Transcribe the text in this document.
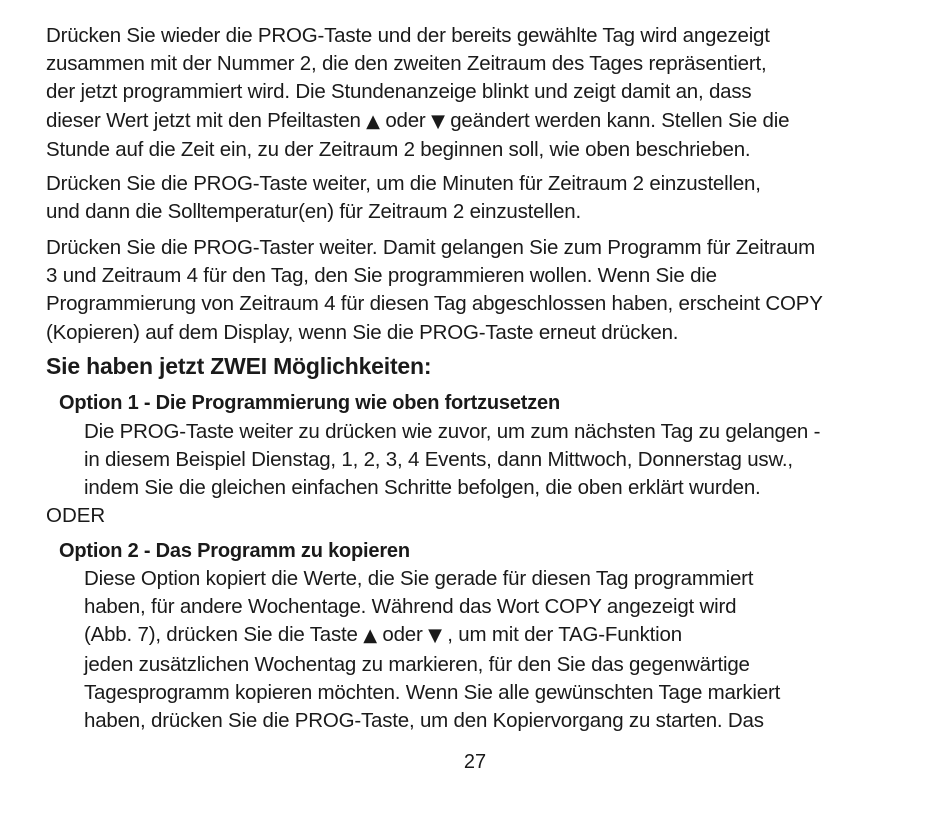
Drücken Sie wieder die PROG-Taste und der bereits gewählte Tag wird angezeigt
zusammen mit der Nummer 2, die den zweiten Zeitraum des Tages repräsentiert,
der jetzt programmiert wird. Die Stundenanzeige blinkt und zeigt damit an, dass
dieser Wert jetzt mit den Pfeiltasten ▲ oder ▼ geändert werden kann. Stellen Sie die
Stunde auf die Zeit ein, zu der Zeitraum 2 beginnen soll, wie oben beschrieben.
Drücken Sie die PROG-Taste weiter, um die Minuten für Zeitraum 2 einzustellen,
und dann die Solltemperatur(en) für Zeitraum 2 einzustellen.
Drücken Sie die PROG-Taster weiter. Damit gelangen Sie zum Programm für Zeitraum
3 und Zeitraum 4 für den Tag, den Sie programmieren wollen. Wenn Sie die
Programmierung von Zeitraum 4 für diesen Tag abgeschlossen haben, erscheint COPY
(Kopieren) auf dem Display, wenn Sie die PROG-Taste erneut drücken.
Sie haben jetzt ZWEI Möglichkeiten:
Option 1 - Die Programmierung wie oben fortzusetzen
Die PROG-Taste weiter zu drücken wie zuvor, um zum nächsten Tag zu gelangen -
in diesem Beispiel Dienstag, 1, 2, 3, 4 Events, dann Mittwoch, Donnerstag usw.,
indem Sie die gleichen einfachen Schritte befolgen, die oben erklärt wurden.
ODER
Option 2 - Das Programm zu kopieren
Diese Option kopiert die Werte, die Sie gerade für diesen Tag programmiert
haben, für andere Wochentage. Während das Wort COPY angezeigt wird
(Abb. 7), drücken Sie die Taste ▲ oder ▼ , um mit der TAG-Funktion
jeden zusätzlichen Wochentag zu markieren, für den Sie das gegenwärtige
Tagesprogramm kopieren möchten. Wenn Sie alle gewünschten Tage markiert
haben, drücken Sie die PROG-Taste, um den Kopiervorgang zu starten. Das
27
